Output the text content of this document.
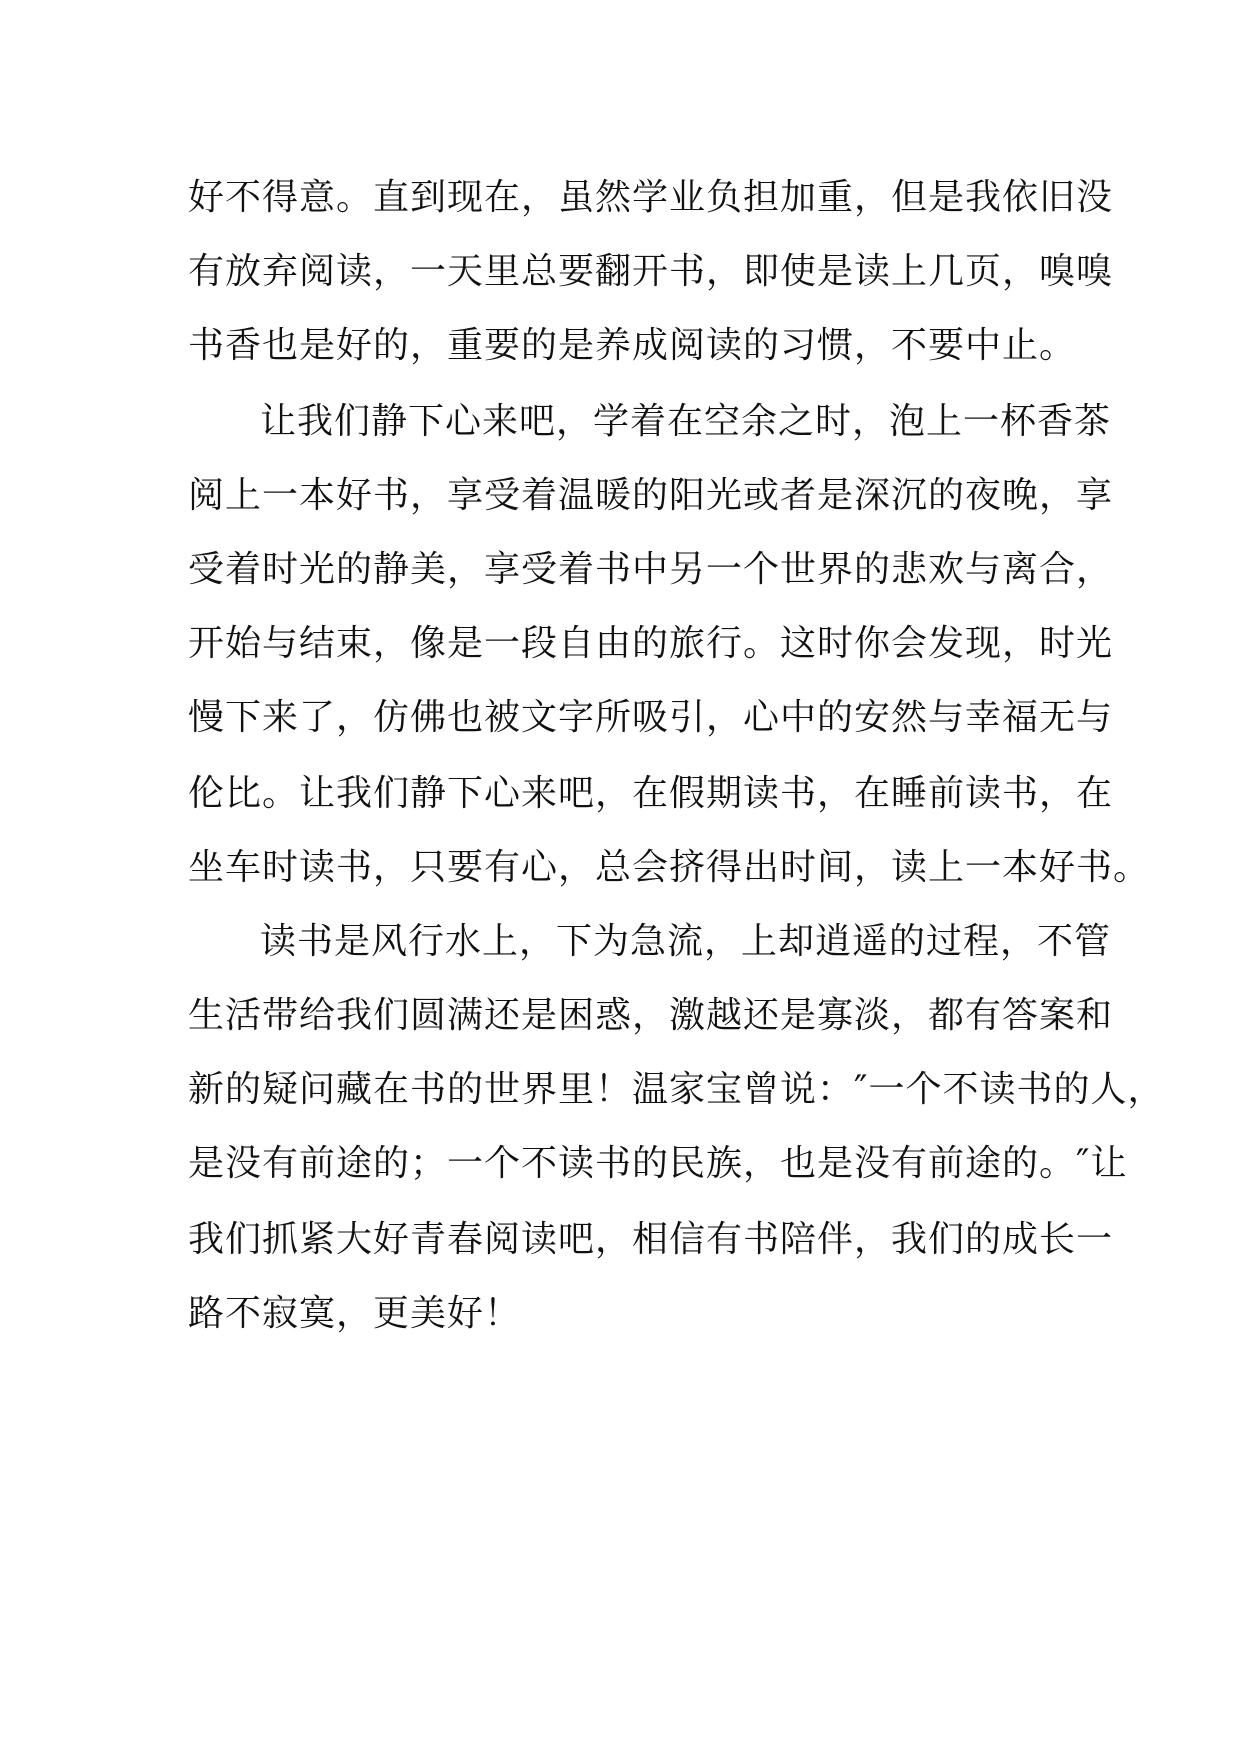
好不得意。直到现在，虽然学业负担加重，但是我依旧没
有放弃阅读，一天里总要翻开书，即使是读上几页，嗅嗅
书香也是好的，重要的是养成阅读的习惯，不要中止。
让我们静下心来吧，学着在空余之时，泡上一杯香茶
阅上一本好书，享受着温暖的阳光或者是深沉的夜晚，享
受着时光的静美，享受着书中另一个世界的悲欢与离合，
开始与结束，像是一段自由的旅行。这时你会发现，时光
慢下来了，仿佛也被文字所吸引，心中的安然与幸福无与
伦比。让我们静下心来吧，在假期读书，在睡前读书，在
坐车时读书，只要有心，总会挤得出时间，读上一本好书。
读书是风行水上，下为急流，上却逍遥的过程，不管
生活带给我们圆满还是困惑，激越还是寡淡，都有答案和
新的疑问藏在书的世界里！温家宝曾说：″一个不读书的人，
是没有前途的；一个不读书的民族，也是没有前途的。″让
我们抓紧大好青春阅读吧，相信有书陪伴，我们的成长一
路不寂寞，更美好！
